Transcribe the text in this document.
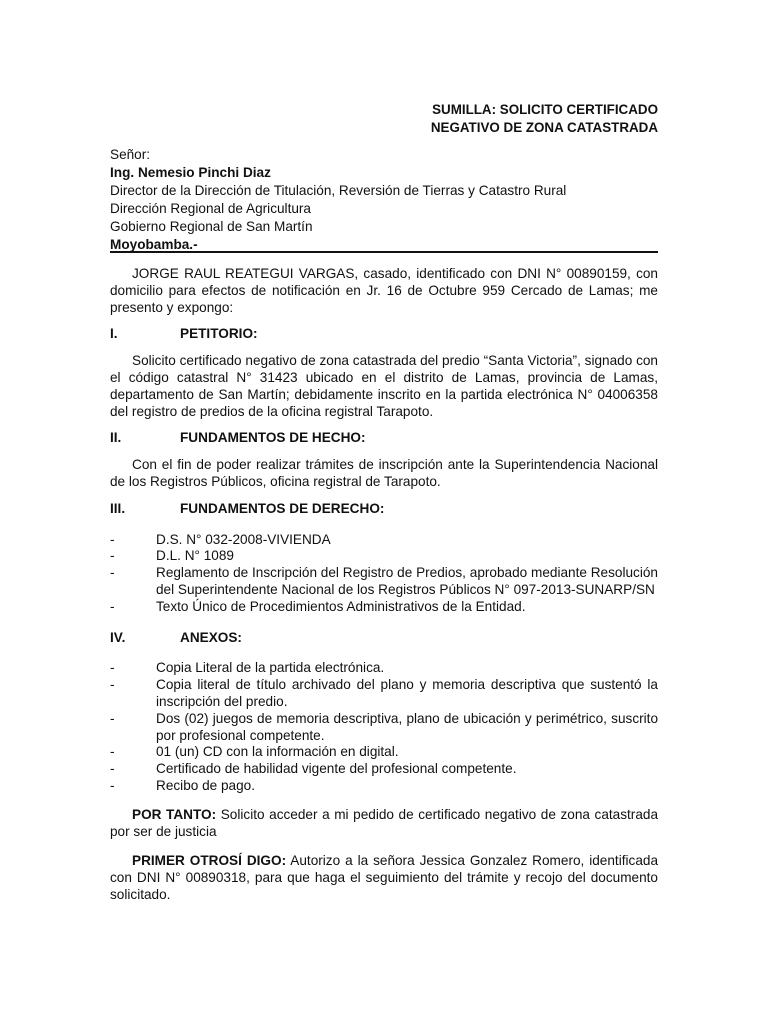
SUMILLA: SOLICITO CERTIFICADO
NEGATIVO DE ZONA CATASTRADA
Señor:
Ing. Nemesio Pinchi Diaz
Director de la Dirección de Titulación, Reversión de Tierras y Catastro Rural
Dirección Regional de Agricultura
Gobierno Regional de San Martín
Moyobamba.-

JORGE RAUL REATEGUI VARGAS, casado, identificado con DNI N° 00890159, con domicilio para efectos de notificación en Jr. 16 de Octubre 959 Cercado de Lamas; me presento y expongo:

I.	PETITORIO:

Solicito certificado negativo de zona catastrada del predio “Santa Victoria”, signado con el código catastral N° 31423 ubicado en el distrito de Lamas, provincia de Lamas, departamento de San Martín; debidamente inscrito en la partida electrónica N° 04006358 del registro de predios de la oficina registral Tarapoto.

II.	FUNDAMENTOS DE HECHO:

Con el fin de poder realizar trámites de inscripción ante la Superintendencia Nacional de los Registros Públicos, oficina registral de Tarapoto.

III.	FUNDAMENTOS DE DERECHO:
-	D.S. N° 032-2008-VIVIENDA
-	D.L. N° 1089
-	Reglamento de Inscripción del Registro de Predios, aprobado mediante Resolución del Superintendente Nacional de los Registros Públicos N° 097-2013-SUNARP/SN
-	Texto Único de Procedimientos Administrativos de la Entidad.
IV.	ANEXOS:
-	Copia Literal de la partida electrónica.
-	Copia literal de título archivado del plano y memoria descriptiva que sustentó la inscripción del predio.
-	Dos (02) juegos de memoria descriptiva, plano de ubicación y perimétrico, suscrito por profesional competente.
-	01 (un) CD con la información en digital.
-	Certificado de habilidad vigente del profesional competente.
-	Recibo de pago.

POR TANTO: Solicito acceder a mi pedido de certificado negativo de zona catastrada por ser de justicia

PRIMER OTROSÍ DIGO: Autorizo a la señora Jessica Gonzalez Romero, identificada con DNI N° 00890318, para que haga el seguimiento del trámite y recojo del documento solicitado.
